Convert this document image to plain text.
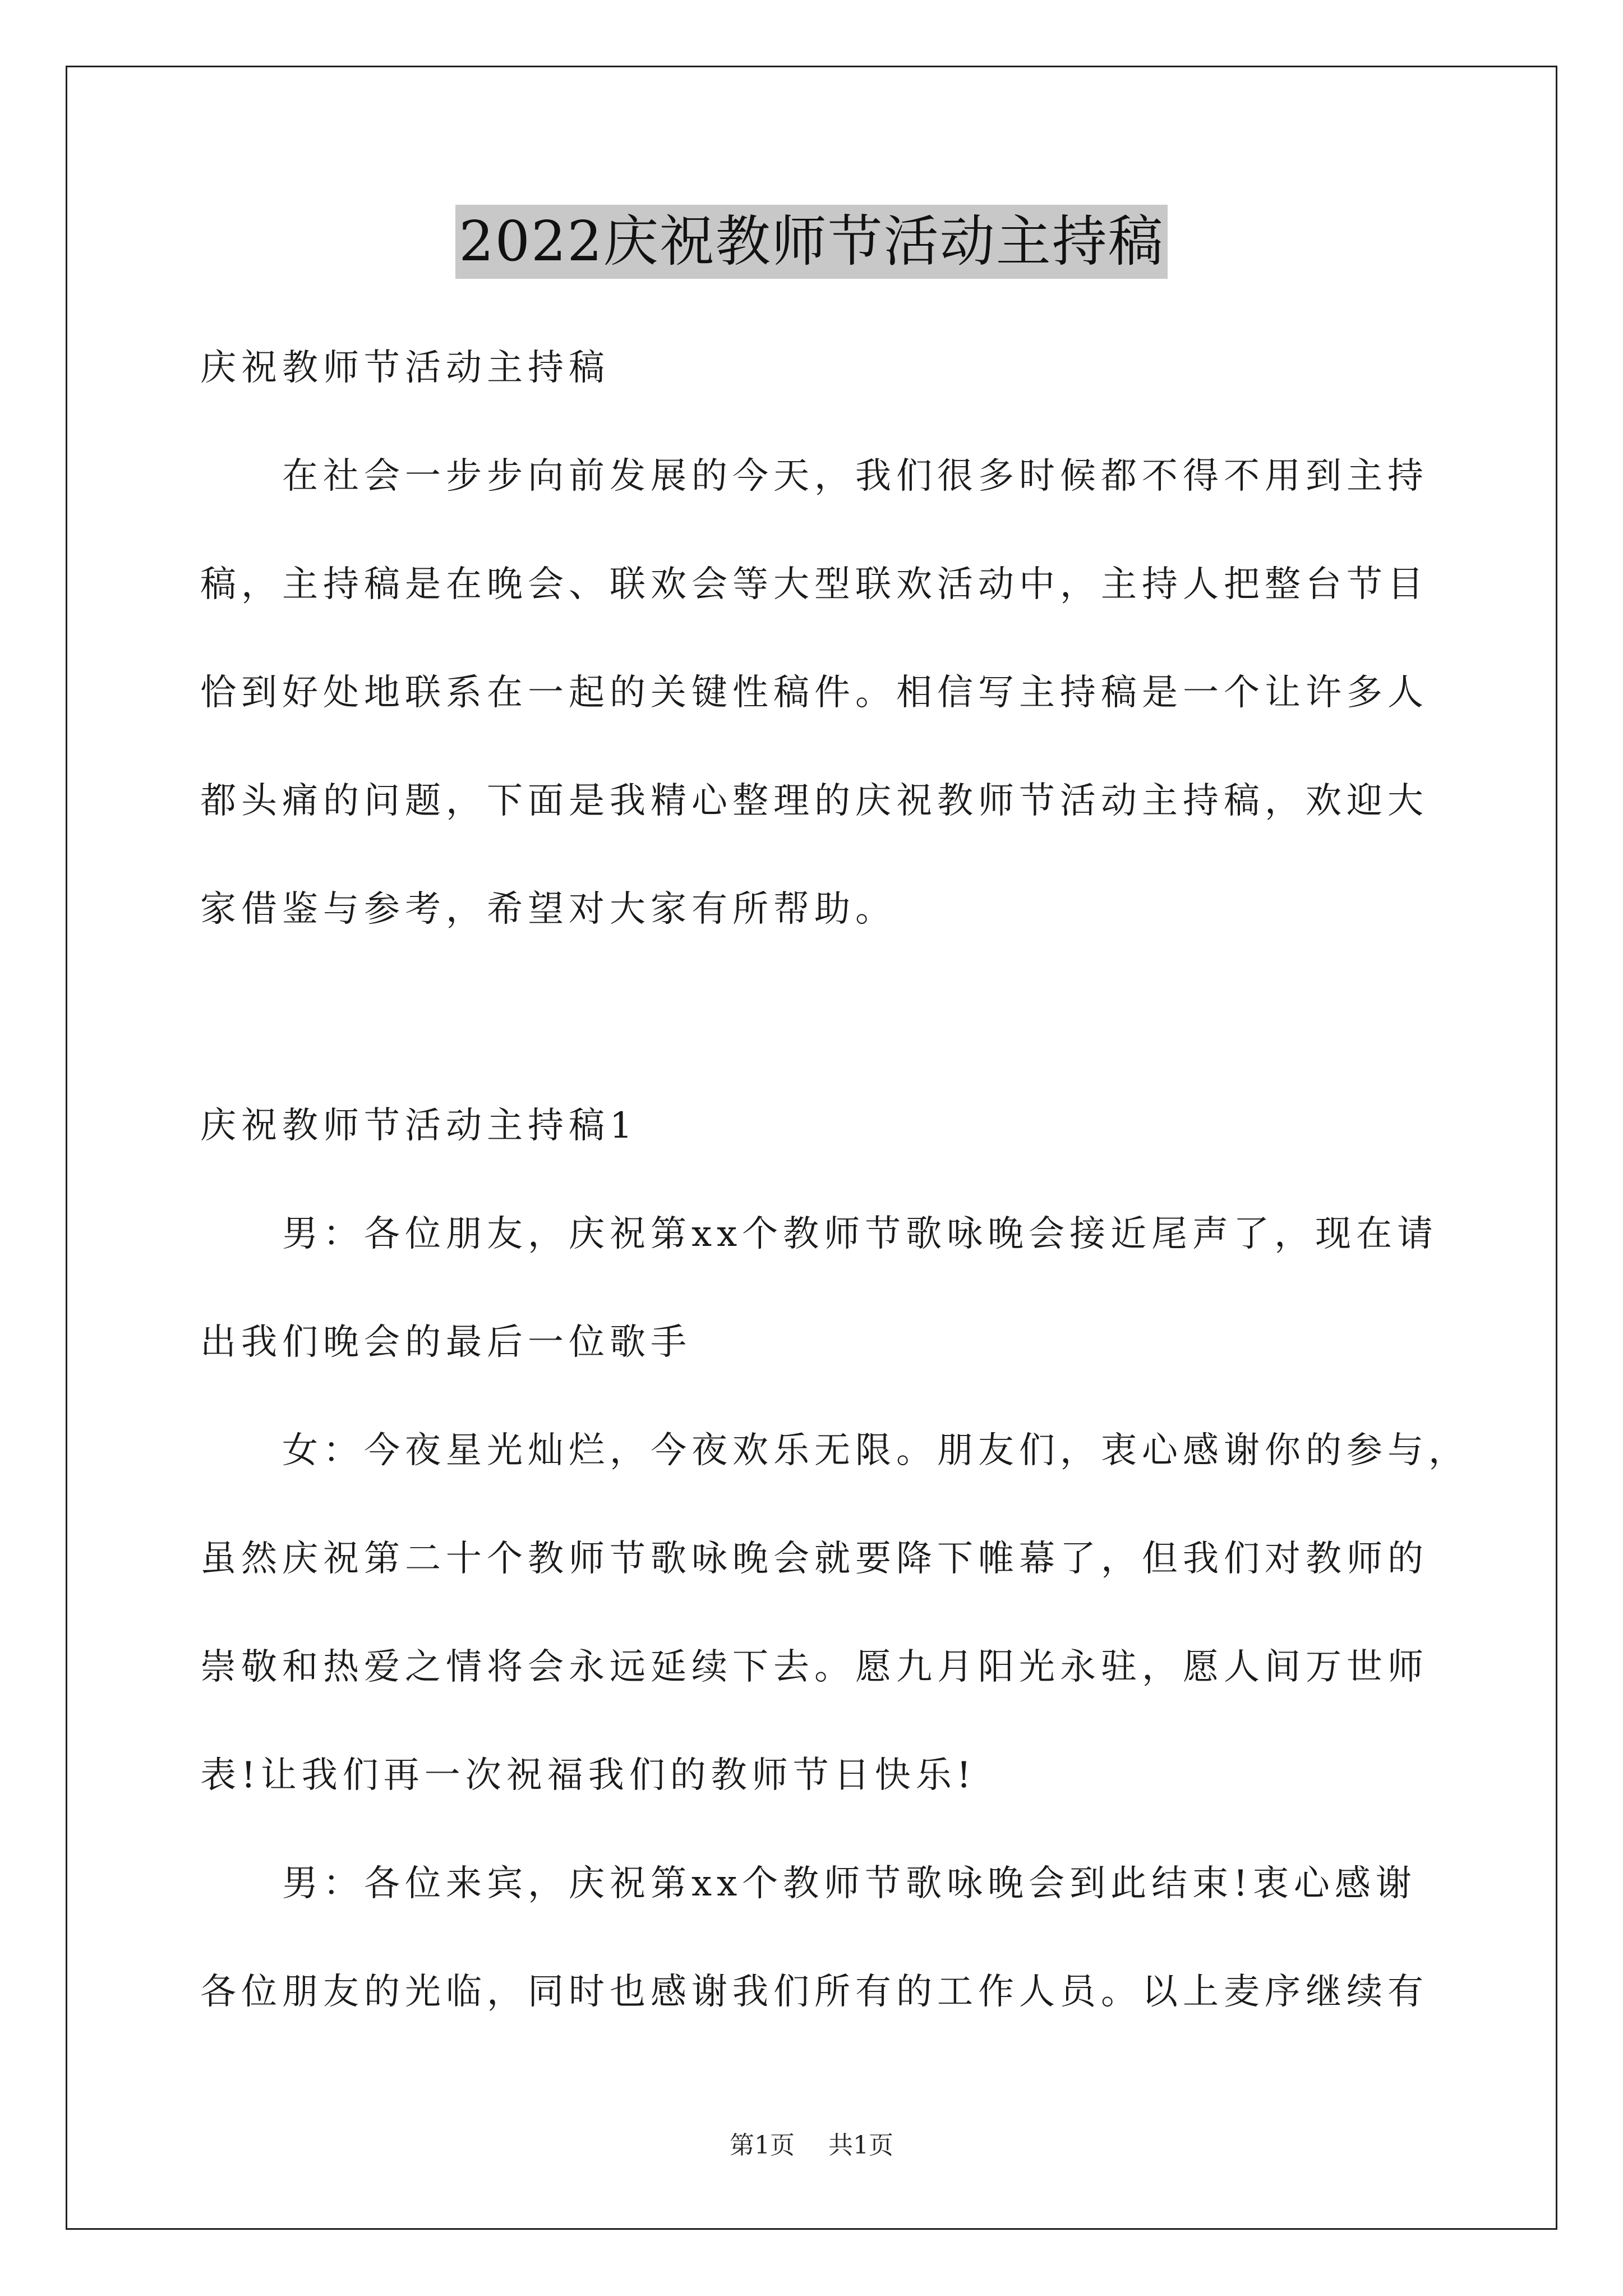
2022庆祝教师节活动主持稿
庆祝教师节活动主持稿
　　在社会一步步向前发展的今天，我们很多时候都不得不用到主持
稿，主持稿是在晚会、联欢会等大型联欢活动中，主持人把整台节目
恰到好处地联系在一起的关键性稿件。相信写主持稿是一个让许多人
都头痛的问题，下面是我精心整理的庆祝教师节活动主持稿，欢迎大
家借鉴与参考，希望对大家有所帮助。
庆祝教师节活动主持稿1
　　男：各位朋友，庆祝第xx个教师节歌咏晚会接近尾声了，现在请
出我们晚会的最后一位歌手
　　女：今夜星光灿烂，今夜欢乐无限。朋友们，衷心感谢你的参与，
虽然庆祝第二十个教师节歌咏晚会就要降下帷幕了，但我们对教师的
崇敬和热爱之情将会永远延续下去。愿九月阳光永驻，愿人间万世师
表!让我们再一次祝福我们的教师节日快乐!
　　男：各位来宾，庆祝第xx个教师节歌咏晚会到此结束!衷心感谢
各位朋友的光临，同时也感谢我们所有的工作人员。以上麦序继续有
第1页 共1页
